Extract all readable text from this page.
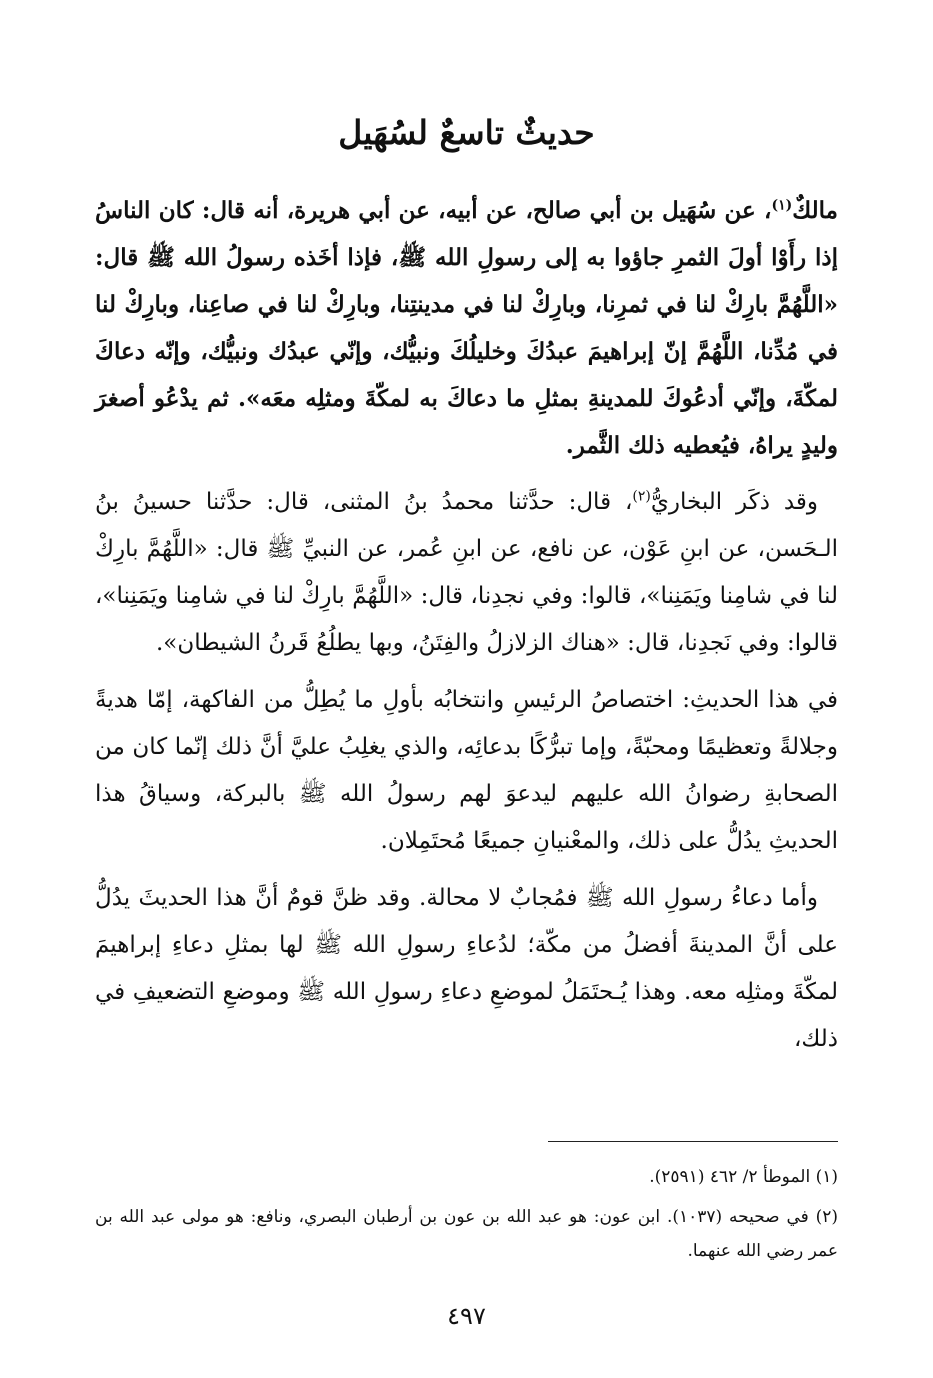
حديثٌ تاسعٌ لسُهَيل

مالكٌ$^{(١)}$، عن سُهَيل بن أبي صالح، عن أبيه، عن أبي هريرة، أنه قال: كان الناسُ إذا رأَوْا أولَ الثمرِ جاؤوا به إلى رسولِ الله ﷺ، فإذا أخَذه رسولُ الله ﷺ قال: «اللَّهُمَّ بارِكْ لنا في ثمرِنا، وبارِكْ لنا في مدينتِنا، وبارِكْ لنا في صاعِنا، وبارِكْ لنا في مُدِّنا، اللَّهُمَّ إنّ إبراهيمَ عبدُكَ وخليلُكَ ونبيُّك، وإنّي عبدُك ونبيُّك، وإنّه دعاكَ لمكّةَ، وإنّي أدعُوكَ للمدينةِ بمثلِ ما دعاكَ به لمكّةَ ومثلِه معَه». ثم يدْعُو أصغرَ وليدٍ يراهُ، فيُعطيه ذلك الثَّمر.

وقد ذكَر البخاريُّ$^{(٢)}$، قال: حدَّثنا محمدُ بنُ المثنى، قال: حدَّثنا حسينُ بنُ الـحَسن، عن ابنِ عَوْن، عن نافع، عن ابنِ عُمر، عن النبيِّ ﷺ قال: «اللَّهُمَّ بارِكْ لنا في شامِنا ويَمَنِنا»، قالوا: وفي نجدِنا، قال: «اللَّهُمَّ بارِكْ لنا في شامِنا ويَمَنِنا»، قالوا: وفي نَجدِنا، قال: «هناك الزلازلُ والفِتَنُ، وبها يطلُعُ قَرنُ الشيطان».

في هذا الحديثِ: اختصاصُ الرئيسِ وانتخابُه بأولِ ما يُطِلُّ من الفاكهة، إمّا هديةً وجلالةً وتعظيمًا ومحبّةً، وإما تبرُّكًا بدعائِه، والذي يغلِبُ عليَّ أنَّ ذلك إنّما كان من الصحابةِ رضوانُ الله عليهم ليدعوَ لهم رسولُ الله ﷺ بالبركة، وسياقُ هذا الحديثِ يدُلُّ على ذلك، والمعْنيانِ جميعًا مُحتَمِلان.

وأما دعاءُ رسولِ الله ﷺ فمُجابٌ لا محالة. وقد ظنَّ قومٌ أنَّ هذا الحديثَ يدُلُّ على أنَّ المدينةَ أفضلُ من مكّة؛ لدُعاءِ رسولِ الله ﷺ لها بمثلِ دعاءِ إبراهيمَ لمكّةَ ومثلِه معه. وهذا يُـحتَمَلُ لموضعِ دعاءِ رسولِ الله ﷺ وموضعِ التضعيفِ في ذلك،

(١) الموطأ ٢/ ٤٦٢ (٢٥٩١).

(٢) في صحيحه (١٠٣٧). ابن عون: هو عبد الله بن عون بن أرطبان البصري، ونافع: هو مولى عبد الله بن عمر رضي الله عنهما.

٤٩٧
